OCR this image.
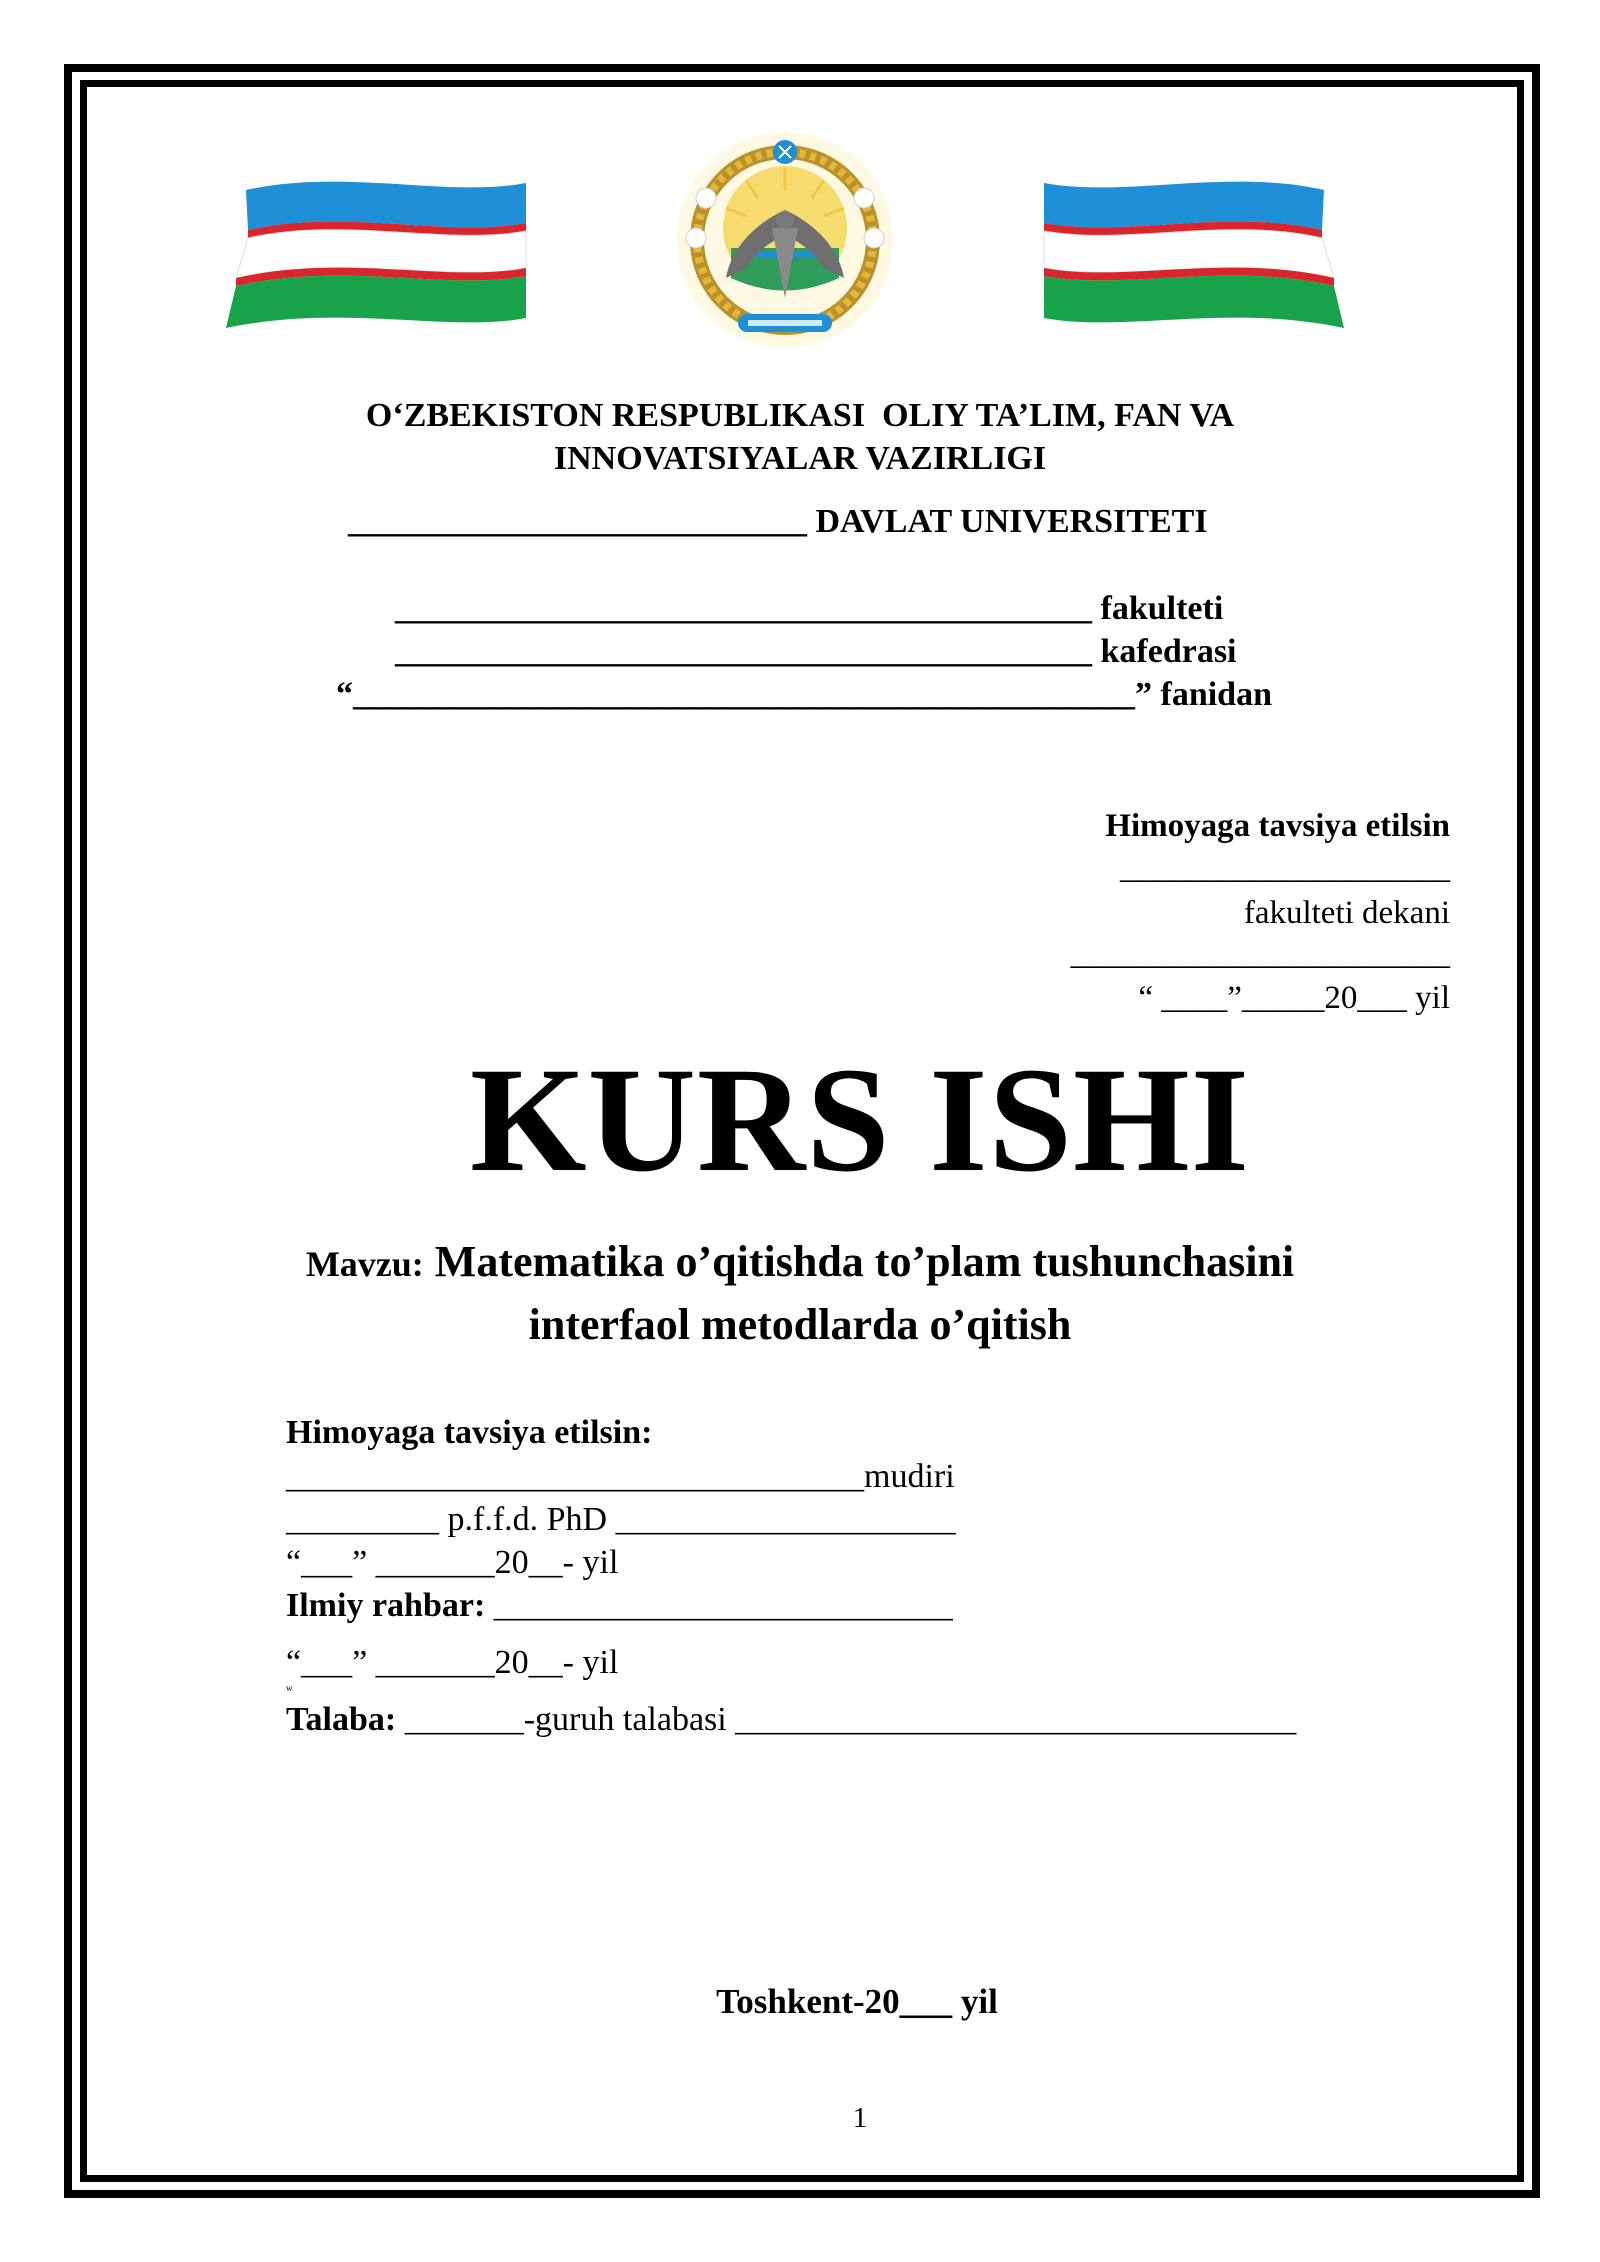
O‘ZBEKISTON RESPUBLIKASI  OLIY TA’LIM, FAN VA
INNOVATSIYALAR VAZIRLIGI
___________________________ DAVLAT UNIVERSITETI
_________________________________________ fakulteti
_________________________________________ kafedrasi
“______________________________________________” fanidan
Himoyaga tavsiya etilsin
____________________
fakulteti dekani
_______________________
“ ____”_____20___ yil
KURS ISHI
Mavzu: Matematika o’qitishda to’plam tushunchasini
interfaol metodlarda o’qitish
Himoyaga tavsiya etilsin:
__________________________________mudiri
_________ p.f.f.d. PhD ____________________
“___” _______20__- yil
Ilmiy rahbar: ___________________________
“___” _______20__- yil
w
Talaba: _______-guruh talabasi _________________________________
Toshkent-20___ yil
1
